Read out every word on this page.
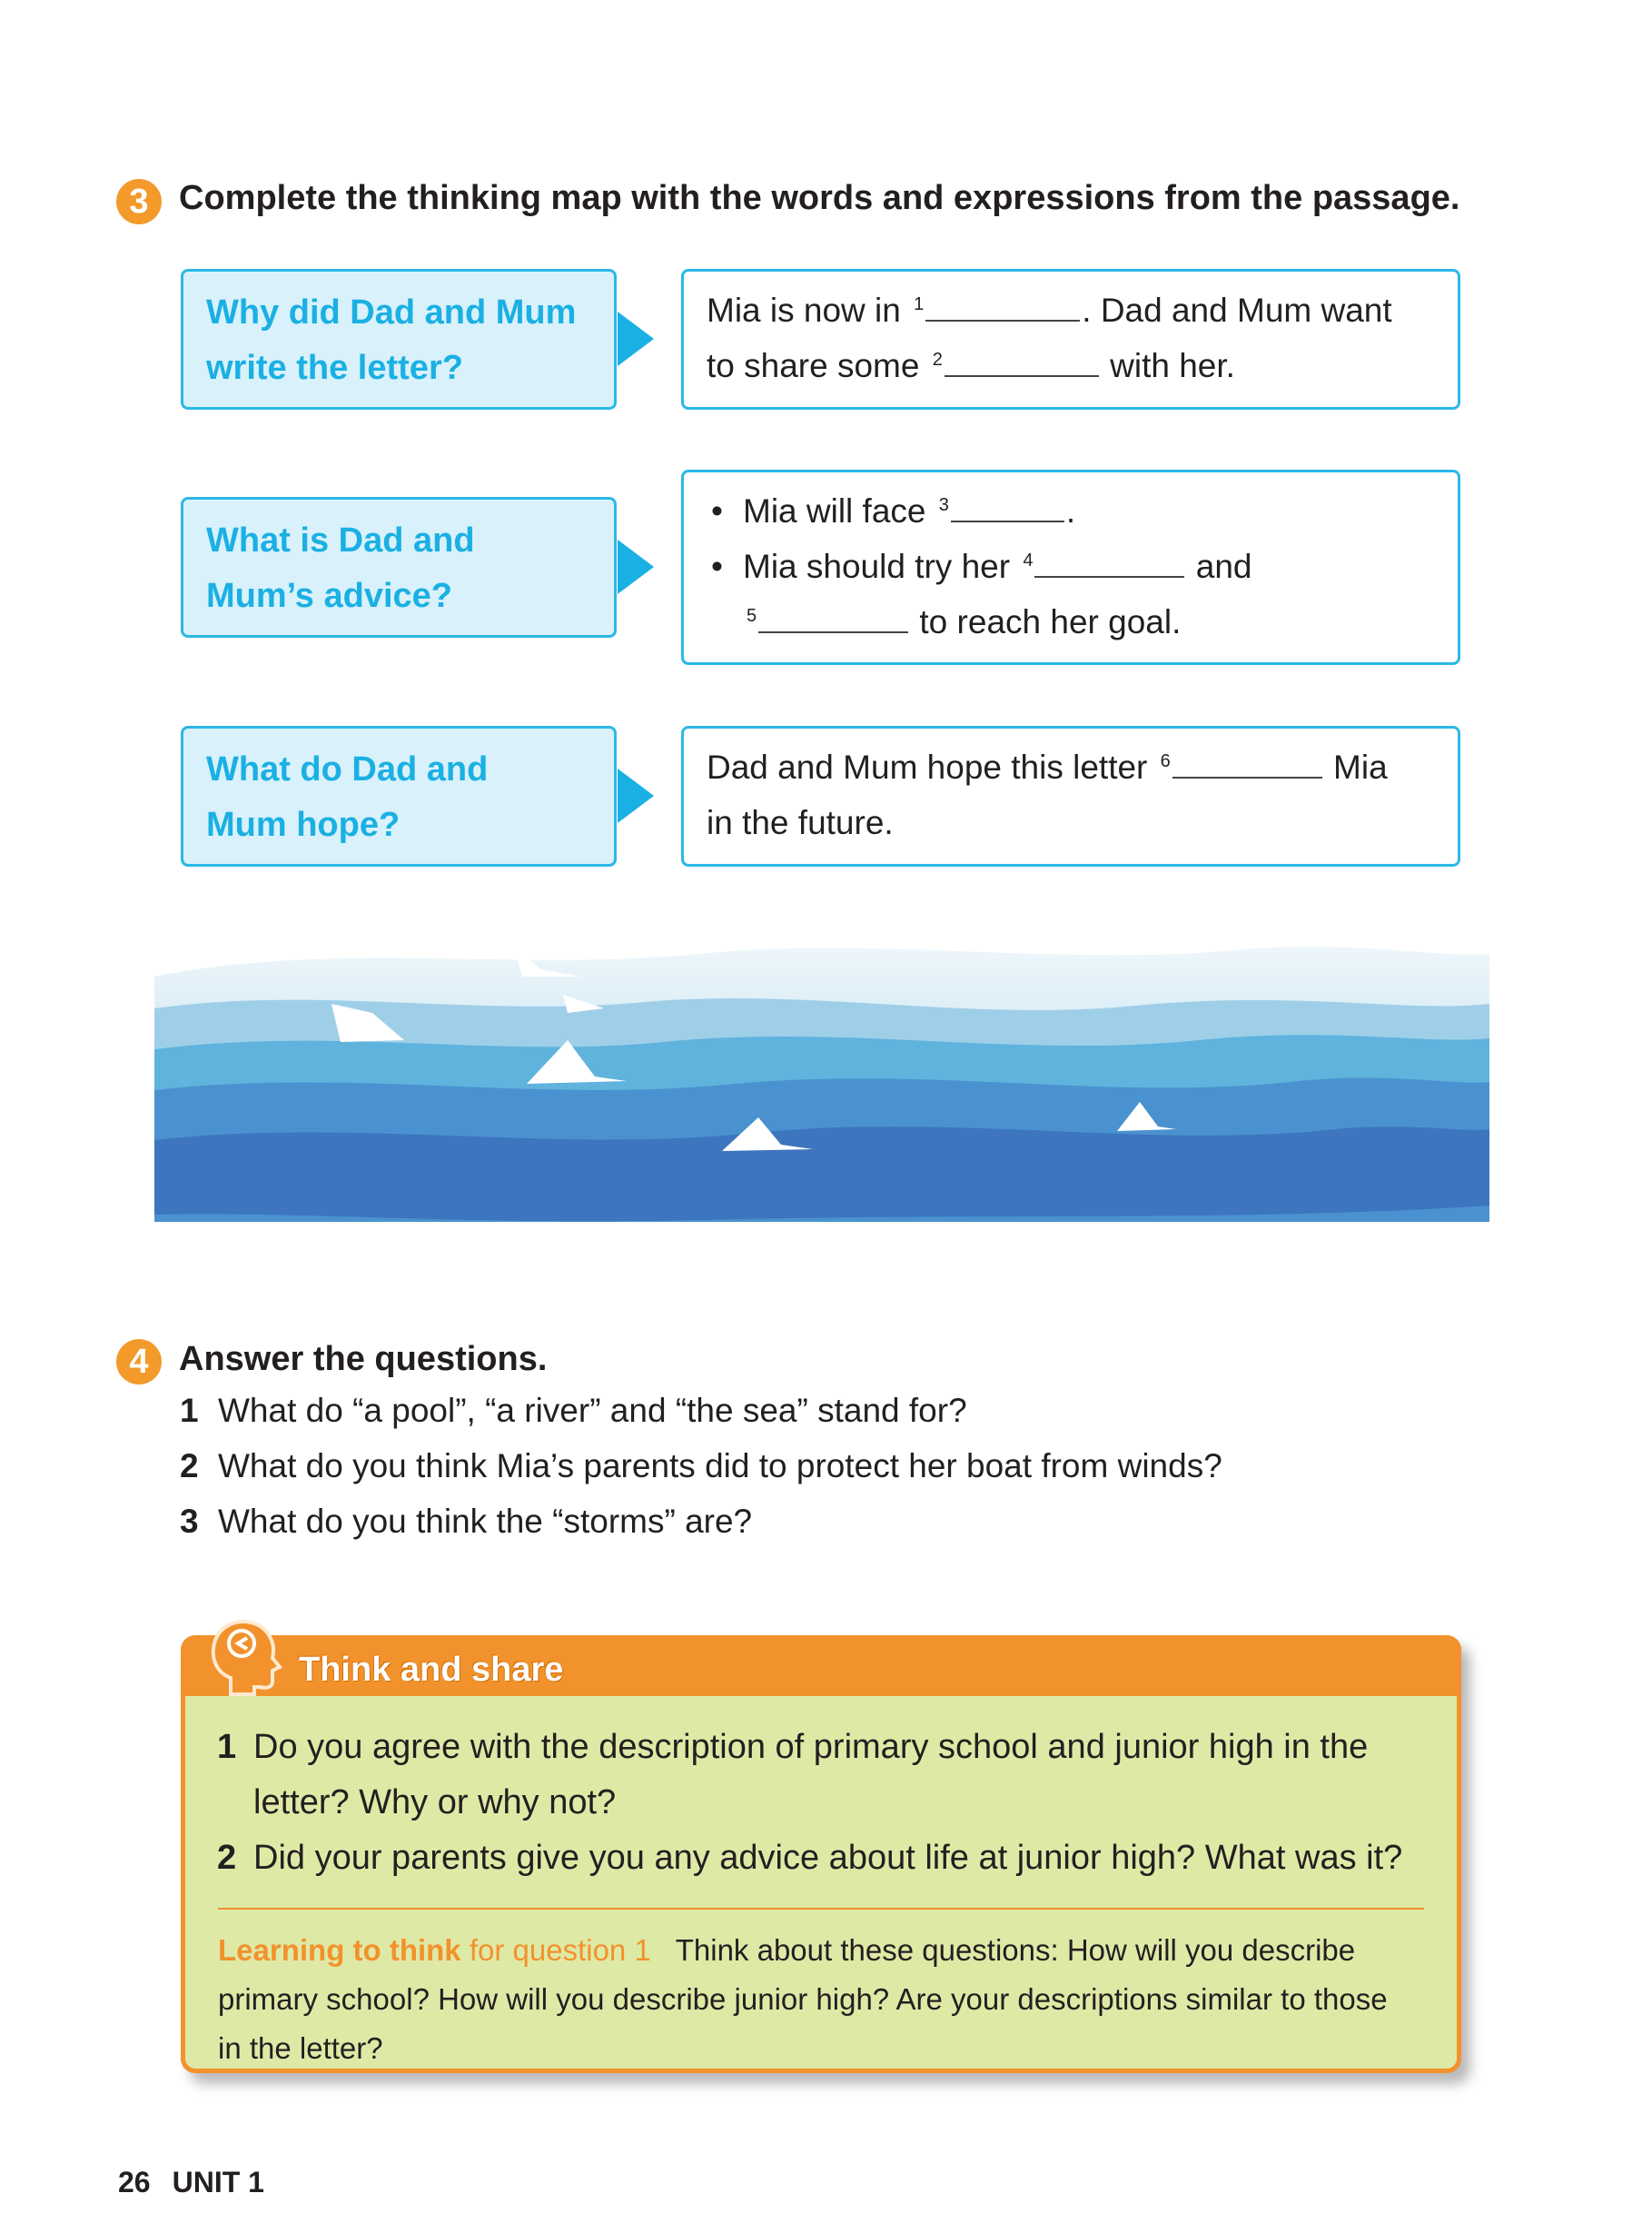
3 Complete the thinking map with the words and expressions from the passage.
Why did Dad and Mum
write the letter?
Mia is now in $^1$	. Dad and Mum want
to share some $^2$	with her.
What is Dad and
Mum’s advice?
• Mia will face $^3$	.
• Mia should try her $^4$	and
$^5$	to reach her goal.
What do Dad and
Mum hope?
Dad and Mum hope this letter $^6$	Mia
in the future.
4 Answer the questions.
1 What do “a pool”, “a river” and “the sea” stand for?
2 What do you think Mia’s parents did to protect her boat from winds?
3 What do you think the “storms” are?
Think and share
1 Do you agree with the description of primary school and junior high in the
letter? Why or why not?
2 Did your parents give you any advice about life at junior high? What was it?
Learning to think for question 1 Think about these questions: How will you describe primary school? How will you describe junior high? Are your descriptions similar to those in the letter?
26 UNIT 1
